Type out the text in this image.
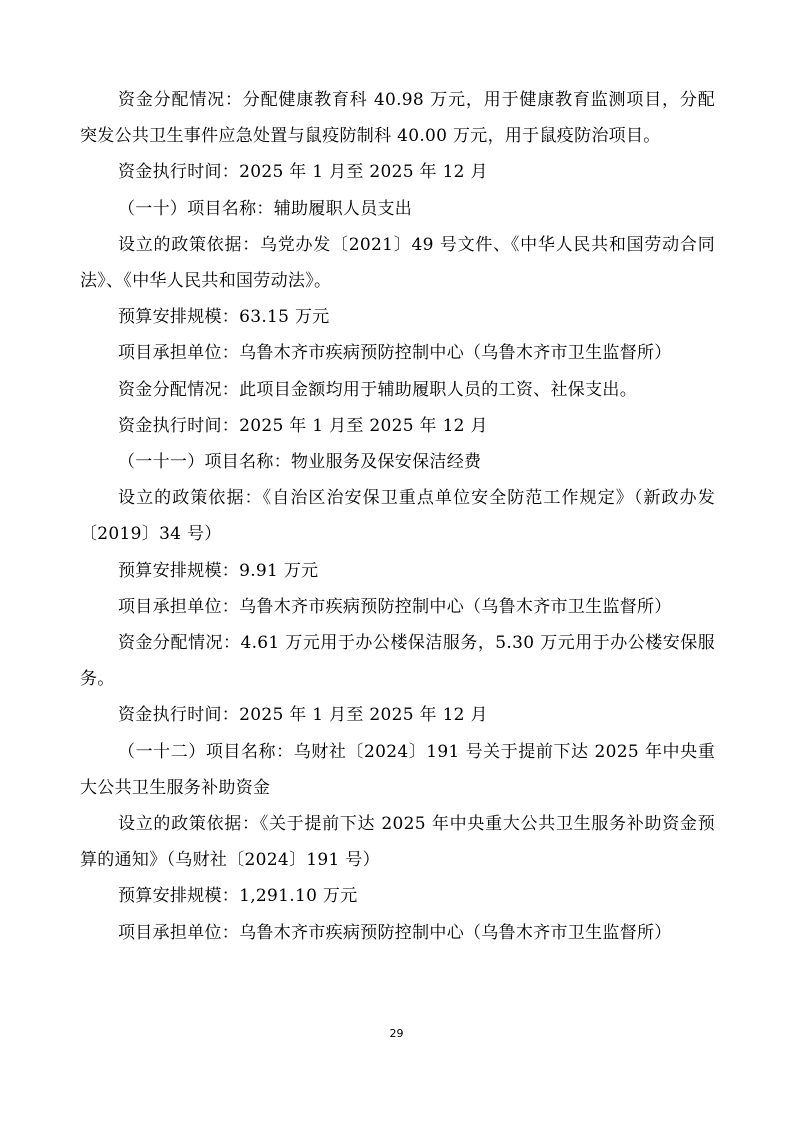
资金分配情况：分配健康教育科 40.98 万元，用于健康教育监测项目，分配突发公共卫生事件应急处置与鼠疫防制科 40.00 万元，用于鼠疫防治项目。

资金执行时间：2025 年 1 月至 2025 年 12 月

（一十）项目名称：辅助履职人员支出

设立的政策依据：乌党办发〔2021〕49 号文件、《中华人民共和国劳动合同法》、《中华人民共和国劳动法》。

预算安排规模：63.15 万元

项目承担单位：乌鲁木齐市疾病预防控制中心（乌鲁木齐市卫生监督所）

资金分配情况：此项目金额均用于辅助履职人员的工资、社保支出。

资金执行时间：2025 年 1 月至 2025 年 12 月

（一十一）项目名称：物业服务及保安保洁经费

设立的政策依据：《自治区治安保卫重点单位安全防范工作规定》（新政办发〔2019〕34 号）

预算安排规模：9.91 万元

项目承担单位：乌鲁木齐市疾病预防控制中心（乌鲁木齐市卫生监督所）

资金分配情况：4.61 万元用于办公楼保洁服务，5.30 万元用于办公楼安保服务。

资金执行时间：2025 年 1 月至 2025 年 12 月

（一十二）项目名称：乌财社〔2024〕191 号关于提前下达 2025 年中央重大公共卫生服务补助资金

设立的政策依据：《关于提前下达 2025 年中央重大公共卫生服务补助资金预算的通知》（乌财社〔2024〕191 号）

预算安排规模：1,291.10 万元

项目承担单位：乌鲁木齐市疾病预防控制中心（乌鲁木齐市卫生监督所）

29
